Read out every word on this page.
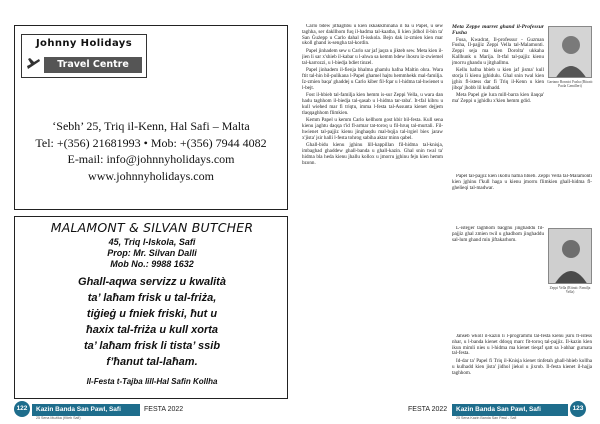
Johnny Holidays
Travel Centre
‘Sebh’ 25, Triq il-Kenn, Hal Safi – Malta
Tel: +(356) 21681993 • Mob: +(356) 7944 4082
E-mail: info@johnnyholidays.com
www.johnnyholidays.com
MALAMONT & SILVAN BUTCHER
45, Triq l-Iskola, Safi
Prop: Mr. Silvan Dalli
Mob No.: 9988 1632
Ghall-aqwa servizz u kwalità
ta’ laħam frisk u tal-friża,
tiġieġ u fniek friski, ħut u
ħaxix tal-friża u kull xorta
ta’ laħam frisk li tista’ ssib
f’ħanut tal-laħam.
Il-Festa t-Tajba lill-Hal Safin Kollha

Carlo bdew jithaghbu u kien ikkakkminaha il ba u Papel, u sew taghha, ser dakllhom fuq il-hadma tal-kaatba, li kien jidhol il-bin ta' San Ġużepp u Carlo dahal fl-isskola. Bejn dak iz-zmien kien mar ukoll ghand is-sengha tal-kordin.

Papel jinhadem sew u Carlo sar jaf jaqra u jikteb sew. Meta kien il-jien li sar x'shieb il-kabar u l-ahwa sa kemm bdew ihosru iz-zwiemel tal-karrozzi, u l-biedja bdiet tinzel.

Papel jinhadem il-fienja bhalma ghamlu hafna Maltin ohra. Wara ftit tal-hin bil-pulikana l-Papel ghamel hajtu hemmhekk mal-familja. Iz-zmien baqa' ghaddej u Carlo kiber fil-fqar u l-hidma tal-hwienet u l-bejt.

Fost il-hbieb tal-familja kien hemm is-sur Zeppi Vella, u wara dan hadu taghhom il-biedja tal-qasab u l-hidma tar-raba'. It-tfal kibru u kull wiehed mar fi triqtu, imma l-festa tal-Assunta kienet dejjem tlaqqaghhom flimkien.

Kemm Papel u kemm Carlo kellhom gost kbir bil-festa. Kull sena kienu jaghtu daqqa t'id fl-armar tat-toroq u fil-hruq tal-murtali. Fil-hwienet tal-pajjiz kienu jinghaqdu mal-bqija tal-irgiel biex jaraw x'jista' jsir halli l-festa tohrog sabiha aktar minn qabel.

Ghall-bidu kienu jghinu lill-kappillan fil-hidma tal-knisja, imbaghad ghaddew ghall-banda u ghall-kazin. Ghal snin twal ta' hidma bla heda kienu jhallu kollox u jmorru jghinu fejn kien hemm bzonn.

Meta Zeppe marret ghand il-Professur Fusha

Fusa, Kwadrat, Il-professur - Guzman Fusha, Il-pajjiz Zeppi Vella tal-Malamonti. Zeppi seja ma kien Dorolta' ukkaha Kallhunk u Marija. It-tfal tal-pajjiz kienu jmorru ghandu u jitghallmu.

Kellu hafna hbieb u kien jaf jisma' kull storja li kienu jghidulu. Ghal snin twal kien jghix fl-istess dar fi Triq il-Kenn u kien jibqa' jhobb lil kulhadd.

Meta Papel gie lura mill-barra kien ilaqqa' ma' Zeppi u jghidlu x'kien hemm gdid.

Gaetano Bonnici Fusha (Ritratt: Paola Camilleri)

Papel tal-pajjiz kien ikollu hafna hbieb. Zeppi Vella tal-Malamonti kien jghinu f'kull haga u kienu jmorru flimkien ghall-hidma fl-ghelieqi tal-madwar.

L-istejjer taghhom baqghu jinghaddu fil-pajjiz ghal zmien twil u ghadhom jinghaddu sal-lum ghand min jiftakarhom.

Zeppi Vella (Ritratt: Familja Vella)

Jahseb wkoll il-kazin li l-programmi tal-festa kienu jsiru fl-istess nhar, u l-banda kienet ddoqq marc fit-toroq tal-pajjiz. Il-kazin kien ikun mimli nies u l-hidma ma kienet tieqaf qatt sa l-ahhar gurnata tal-festa.

Id-dar ta' Papel fi Triq il-Knisja kienet tinfetah ghall-hbieb kollha u kulhadd kien jista' jidhol jiekol u jixrob. Il-festa kienet il-hajja taghhom.

122	Kazin Banda San Pawl, Safi
25 Sena Mużika (Ktieb Safi)
FESTA 2022	FESTA 2022	Kazin Banda San Pawl, Safi
25 Sena Kazin Banda San Pawl - Safi
123
